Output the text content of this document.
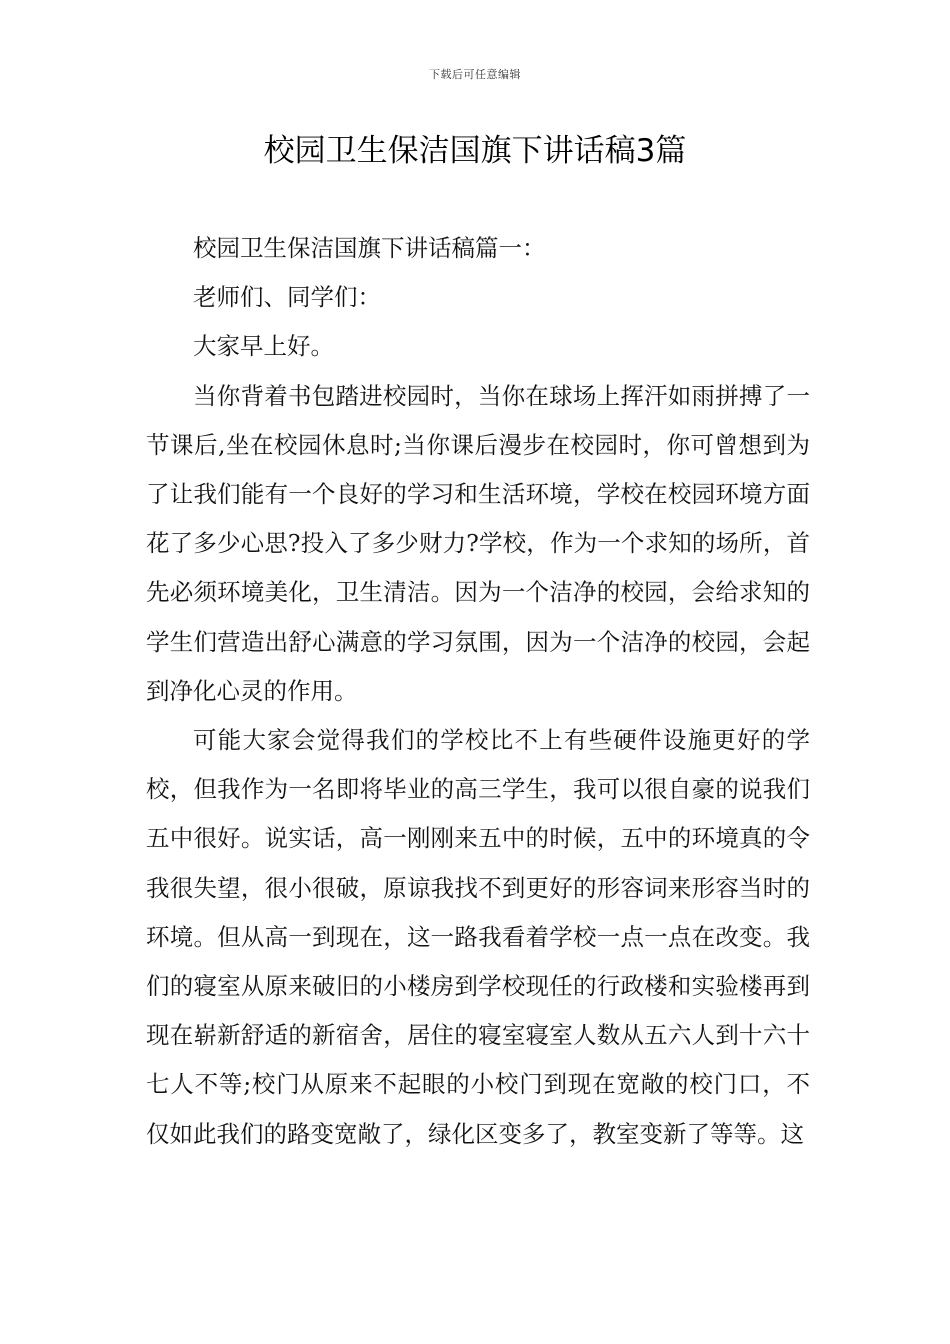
下载后可任意编辑
校园卫生保洁国旗下讲话稿3篇

校园卫生保洁国旗下讲话稿篇一：

老师们、同学们：

大家早上好。

当你背着书包踏进校园时，当你在球场上挥汗如雨拼搏了一节课后,坐在校园休息时;当你课后漫步在校园时，你可曾想到为了让我们能有一个良好的学习和生活环境，学校在校园环境方面花了多少心思?投入了多少财力?学校，作为一个求知的场所，首先必须环境美化，卫生清洁。因为一个洁净的校园，会给求知的学生们营造出舒心满意的学习氛围，因为一个洁净的校园，会起到净化心灵的作用。

可能大家会觉得我们的学校比不上有些硬件设施更好的学校，但我作为一名即将毕业的高三学生，我可以很自豪的说我们五中很好。说实话，高一刚刚来五中的时候，五中的环境真的令我很失望，很小很破，原谅我找不到更好的形容词来形容当时的环境。但从高一到现在，这一路我看着学校一点一点在改变。我们的寝室从原来破旧的小楼房到学校现任的行政楼和实验楼再到现在崭新舒适的新宿舍，居住的寝室寝室人数从五六人到十六十七人不等;校门从原来不起眼的小校门到现在宽敞的校门口，不仅如此我们的路变宽敞了，绿化区变多了，教室变新了等等。这
